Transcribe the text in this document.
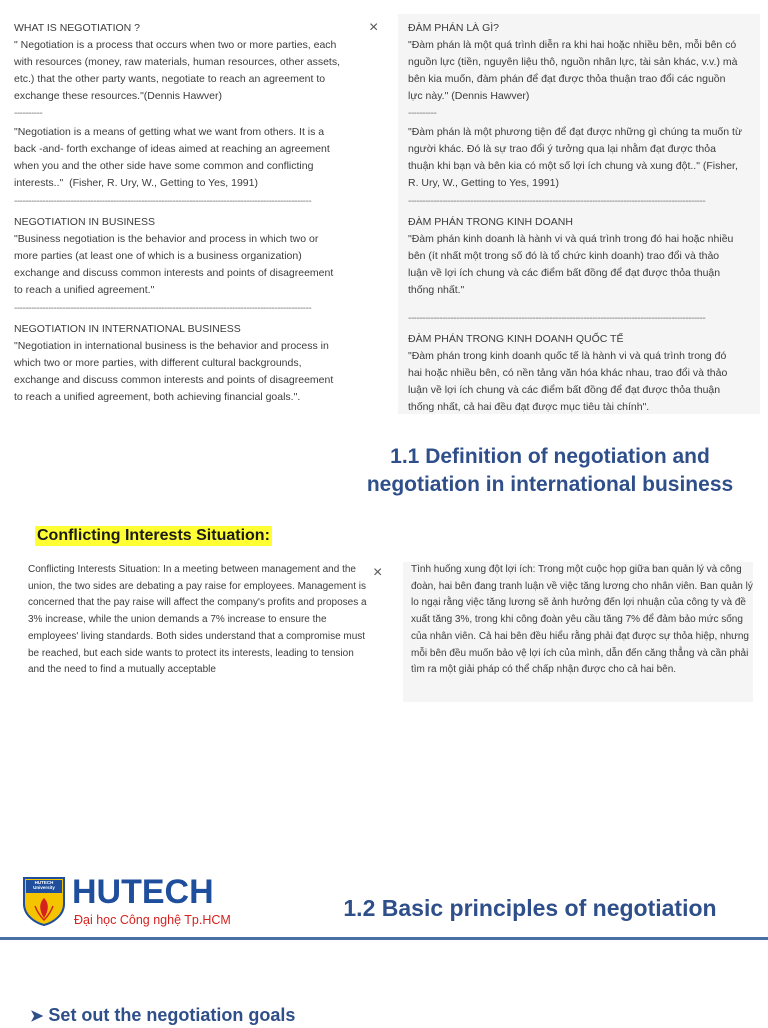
WHAT IS NEGOTIATION ?
" Negotiation is a process that occurs when two or more parties, each
with resources (money, raw materials, human resources, other assets,
etc.) that the other party wants, negotiate to reach an agreement to
exchange these resources."(Dennis Hawver)

----------

"Negotiation is a means of getting what we want from others. It is a
back -and- forth exchange of ideas aimed at reaching an agreement
when you and the other side have some common and conflicting
interests.."  (Fisher, R. Ury, W., Getting to Yes, 1991)

---------------------------------------------------------------------------------------------------------

NEGOTIATION IN BUSINESS
"Business negotiation is the behavior and process in which two or
more parties (at least one of which is a business organization)
exchange and discuss common interests and points of disagreement
to reach a unified agreement."

---------------------------------------------------------------------------------------------------------

NEGOTIATION IN INTERNATIONAL BUSINESS
"Negotiation in international business is the behavior and process in
which two or more parties, with different cultural backgrounds,
exchange and discuss common interests and points of disagreement
to reach a unified agreement, both achieving financial goals.".

×	ĐÀM PHÁN LÀ GÌ?
"Đàm phán là một quá trình diễn ra khi hai hoặc nhiều bên, mỗi bên có
nguồn lực (tiền, nguyên liệu thô, nguồn nhân lực, tài sản khác, v.v.) mà
bên kia muốn, đàm phán để đạt được thỏa thuận trao đổi các nguồn
lực này." (Dennis Hawver)

----------

"Đàm phán là một phương tiện để đạt được những gì chúng ta muốn từ
người khác. Đó là sự trao đổi ý tưởng qua lại nhằm đạt được thỏa
thuận khi bạn và bên kia có một số lợi ích chung và xung đột.." (Fisher,
R. Ury, W., Getting to Yes, 1991)

---------------------------------------------------------------------------------------------------------

ĐÀM PHÁN TRONG KINH DOANH
"Đàm phán kinh doanh là hành vi và quá trình trong đó hai hoặc nhiều
bên (ít nhất một trong số đó là tổ chức kinh doanh) trao đổi và thảo
luận về lợi ích chung và các điểm bất đồng để đạt được thỏa thuận
thống nhất."

---------------------------------------------------------------------------------------------------------

ĐÀM PHÁN TRONG KINH DOANH QUỐC TẾ
"Đàm phán trong kinh doanh quốc tế là hành vi và quá trình trong đó
hai hoặc nhiều bên, có nền tảng văn hóa khác nhau, trao đổi và thảo
luận về lợi ích chung và các điểm bất đồng để đạt được thỏa thuận
thống nhất, cả hai đều đạt được mục tiêu tài chính".

1.1 Definition of negotiation and
negotiation in international business
Conflicting Interests Situation:

Conflicting Interests Situation: In a meeting between management and the union, the two sides are debating a pay raise for employees. Management is concerned that the pay raise will affect the company's profits and proposes a 3% increase, while the union demands a 7% increase to ensure the employees' living standards. Both sides understand that a compromise must be reached, but each side wants to protect its interests, leading to tension and the need to find a mutually acceptable

×	Tình huống xung đột lợi ích: Trong một cuộc họp giữa ban quản lý và công đoàn, hai bên đang tranh luận về việc tăng lương cho nhân viên. Ban quản lý lo ngại rằng việc tăng lương sẽ ảnh hưởng đến lợi nhuận của công ty và đề xuất tăng 3%, trong khi công đoàn yêu cầu tăng 7% để đảm bảo mức sống của nhân viên. Cả hai bên đều hiểu rằng phải đạt được sự thỏa hiệp, nhưng mỗi bên đều muốn bảo vệ lợi ích của mình, dẫn đến căng thẳng và cần phải tìm ra một giải pháp có thể chấp nhận được cho cả hai bên.

HUTECH
University HUTECH
Đại học Công nghệ Tp.HCM	1.2 Basic principles of negotiation
➤ Set out the negotiation goals
